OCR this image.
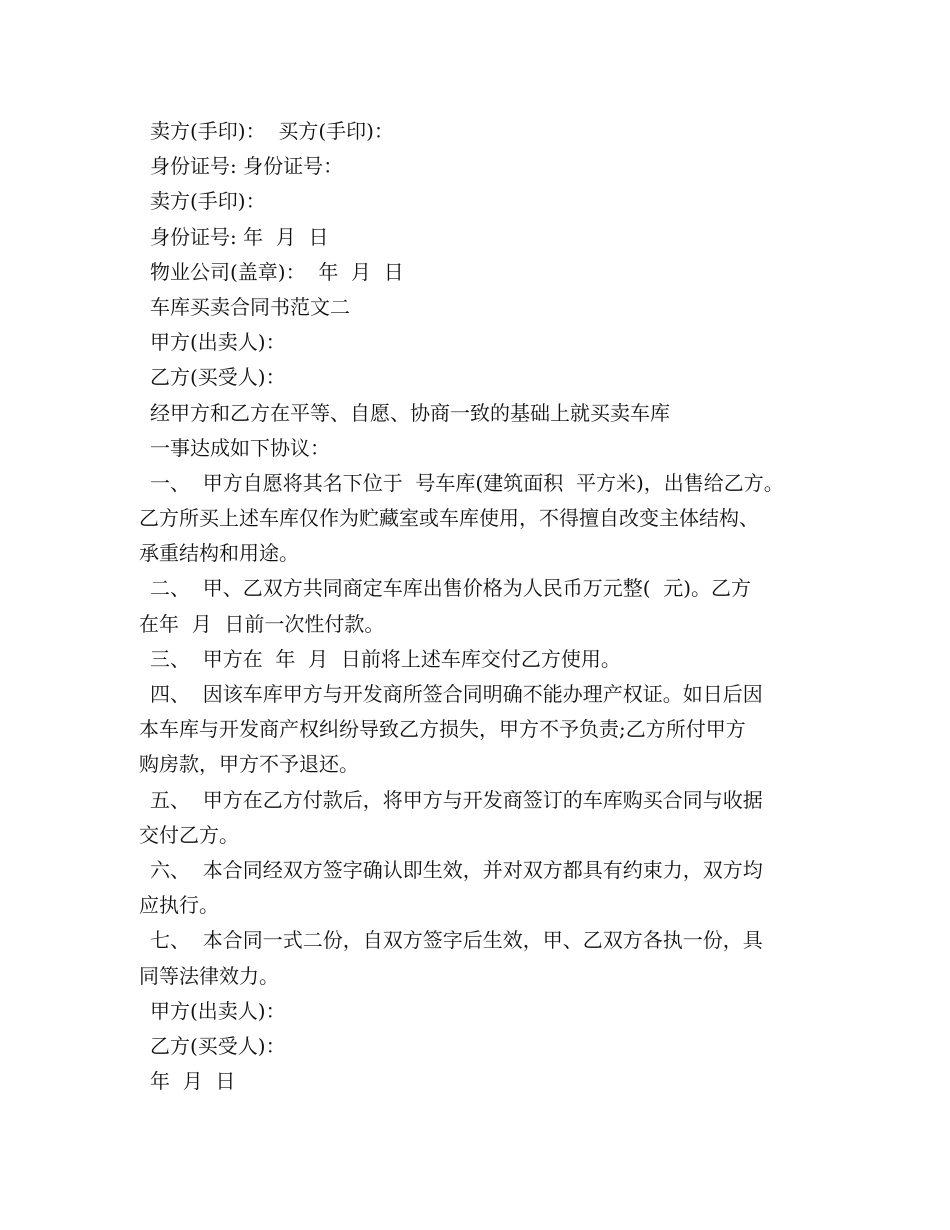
卖方(手印)：  买方(手印)：
身份证号: 身份证号：
卖方(手印)：
身份证号: 年  月  日
物业公司(盖章)：  年  月  日
车库买卖合同书范文二
甲方(出卖人)：
乙方(买受人)：
经甲方和乙方在平等、自愿、协商一致的基础上就买卖车库
一事达成如下协议：
一、  甲方自愿将其名下位于  号车库(建筑面积  平方米)，出售给乙方。
乙方所买上述车库仅作为贮藏室或车库使用，不得擅自改变主体结构、
承重结构和用途。
二、  甲、乙双方共同商定车库出售价格为人民币万元整(  元)。乙方
在年  月  日前一次性付款。
三、  甲方在  年  月  日前将上述车库交付乙方使用。
四、  因该车库甲方与开发商所签合同明确不能办理产权证。如日后因
本车库与开发商产权纠纷导致乙方损失，甲方不予负责;乙方所付甲方
购房款，甲方不予退还。
五、  甲方在乙方付款后，将甲方与开发商签订的车库购买合同与收据
交付乙方。
六、  本合同经双方签字确认即生效，并对双方都具有约束力，双方均
应执行。
七、  本合同一式二份，自双方签字后生效，甲、乙双方各执一份，具
同等法律效力。
甲方(出卖人)：
乙方(买受人)：
年  月  日
